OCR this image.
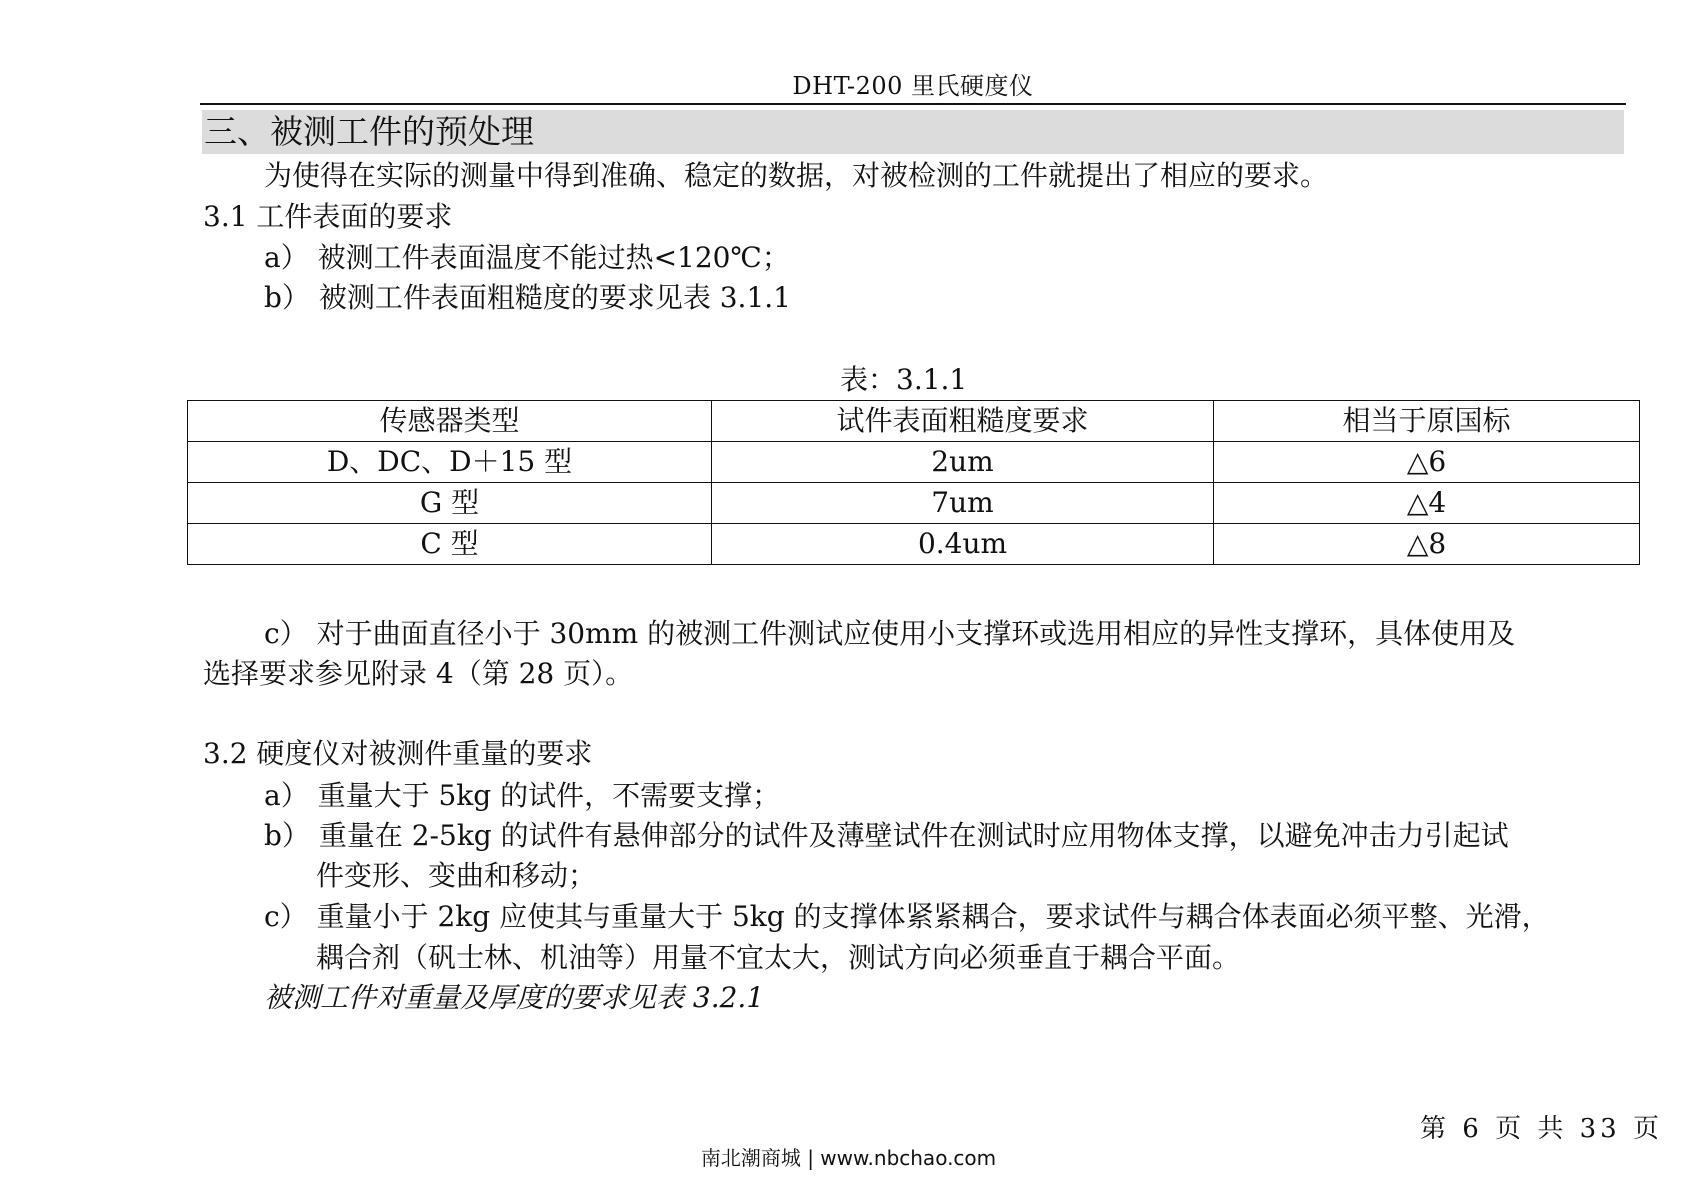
DHT-200 里氏硬度仪
三、被测工件的预处理
为使得在实际的测量中得到准确、稳定的数据，对被检测的工件就提出了相应的要求。
3.1 工件表面的要求
a） 被测工件表面温度不能过热<120℃；
b） 被测工件表面粗糙度的要求见表 3.1.1
表：3.1.1
传感器类型	试件表面粗糙度要求	相当于原国标
D、DC、D＋15 型	2um	△6
G 型	7um	△4
C 型	0.4um	△8
c） 对于曲面直径小于 30mm 的被测工件测试应使用小支撑环或选用相应的异性支撑环，具体使用及
选择要求参见附录 4（第 28 页）。
3.2 硬度仪对被测件重量的要求
a） 重量大于 5kg 的试件，不需要支撑；
b） 重量在 2-5kg 的试件有悬伸部分的试件及薄壁试件在测试时应用物体支撑，以避免冲击力引起试
件变形、变曲和移动；
c） 重量小于 2kg 应使其与重量大于 5kg 的支撑体紧紧耦合，要求试件与耦合体表面必须平整、光滑，
耦合剂（矾士林、机油等）用量不宜太大，测试方向必须垂直于耦合平面。
被测工件对重量及厚度的要求见表 3.2.1
第 6 页 共 33 页
南北潮商城 | www.nbchao.com
